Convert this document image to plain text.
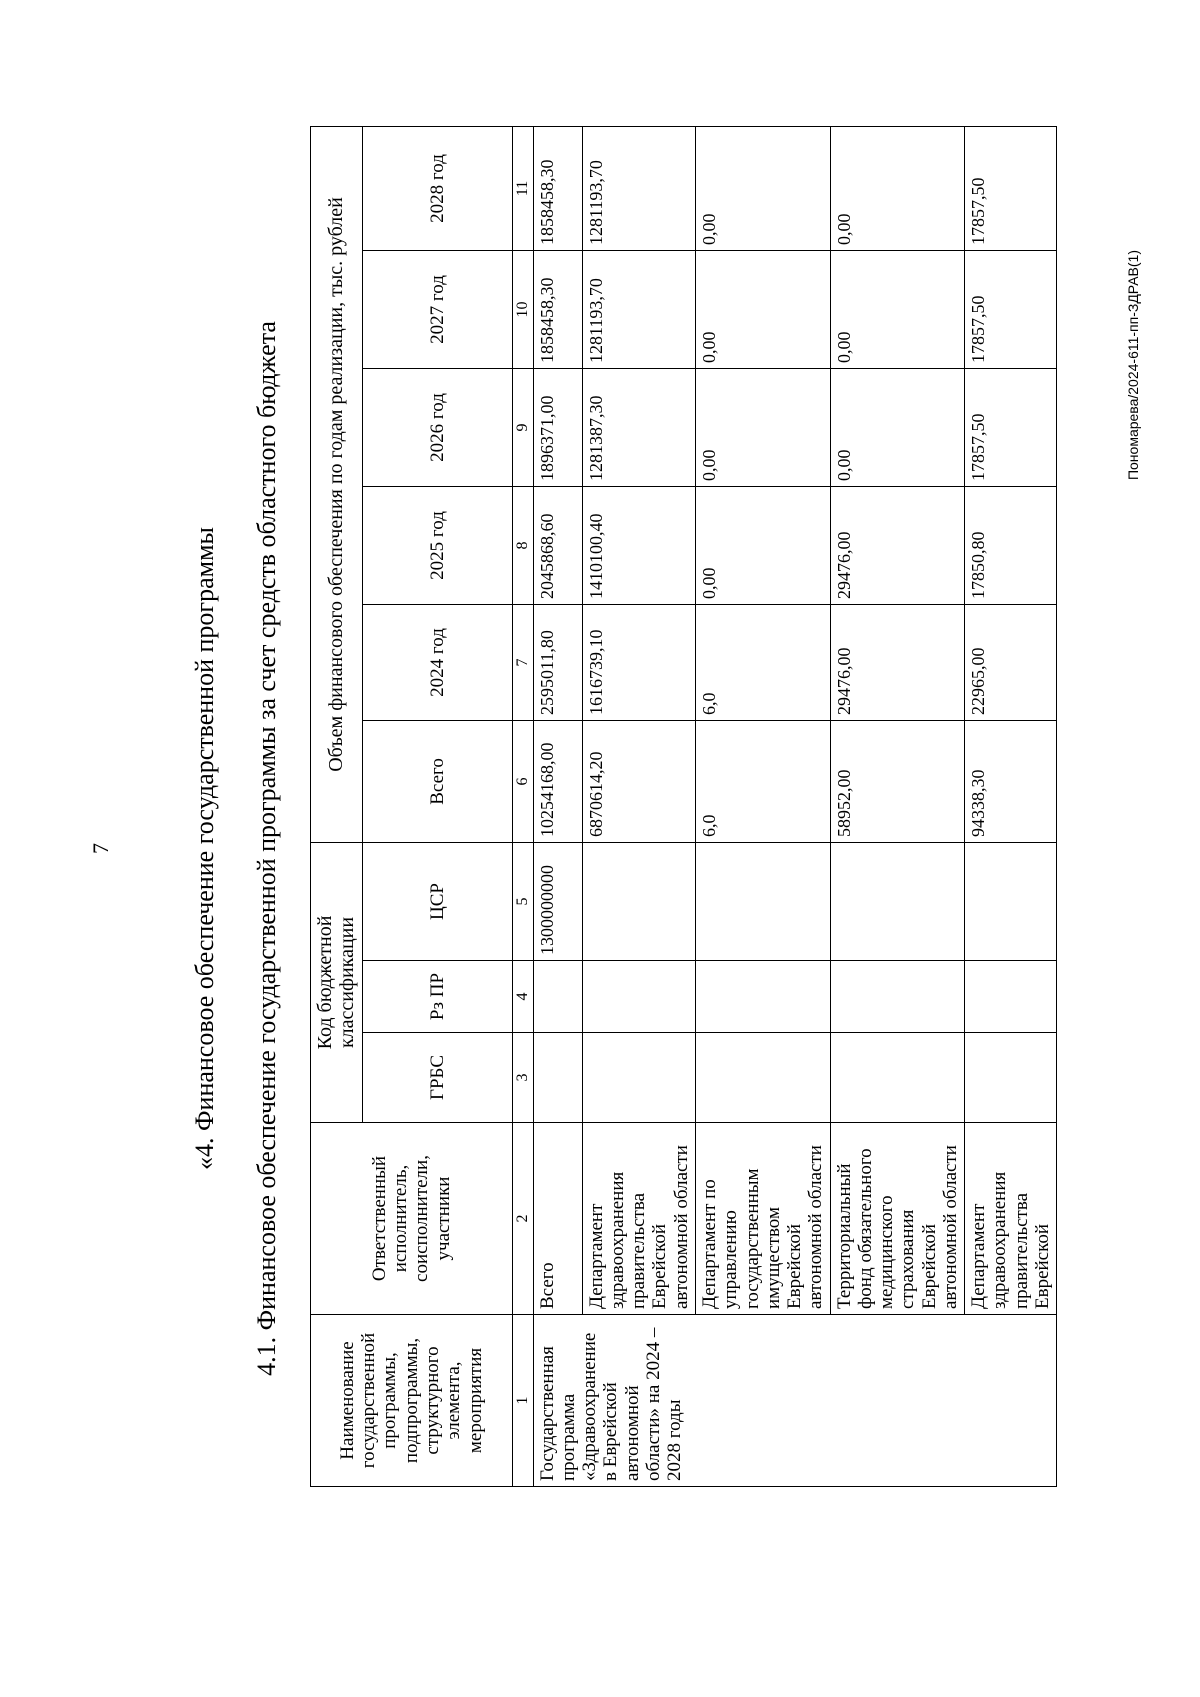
7	«4. Финансовое обеспечение государственной программы 4.1. Финансовое обеспечение государственной программы за счет средств областного бюджета
Наименование государственной программы, подпрограммы, структурного элемента, мероприятия	Ответственный исполнитель, соисполнители, участники	Код бюджетной классификации			Объем финансового обеспечения по годам реализации, тыс. рублей					
		ГРБС	Рз ПР	ЦСР	Всего	2024 год	2025 год	2026 год	2027 год	2028 год
1	2	3	4	5	6	7	8	9	10	11
Государственная программа «Здравоохранение в Еврейской автономной области» на 2024 – 2028 годы	Всего			1300000000	10254168,00	2595011,80	2045868,60	1896371,00	1858458,30	1858458,30
	Департамент здравоохранения правительства Еврейской автономной области				6870614,20	1616739,10	1410100,40	1281387,30	1281193,70	1281193,70
	Департамент по управлению государственным имуществом Еврейской автономной области				6,0	6,0	0,00	0,00	0,00	0,00
	Территориальный фонд обязательного медицинского страхования Еврейской автономной области				58952,00	29476,00	29476,00	0,00	0,00	0,00
	Департамент здравоохранения правительства Еврейской				94338,30	22965,00	17850,80	17857,50	17857,50	17857,50
Пономарева/2024-611-пп-ЗДРАВ(1)
